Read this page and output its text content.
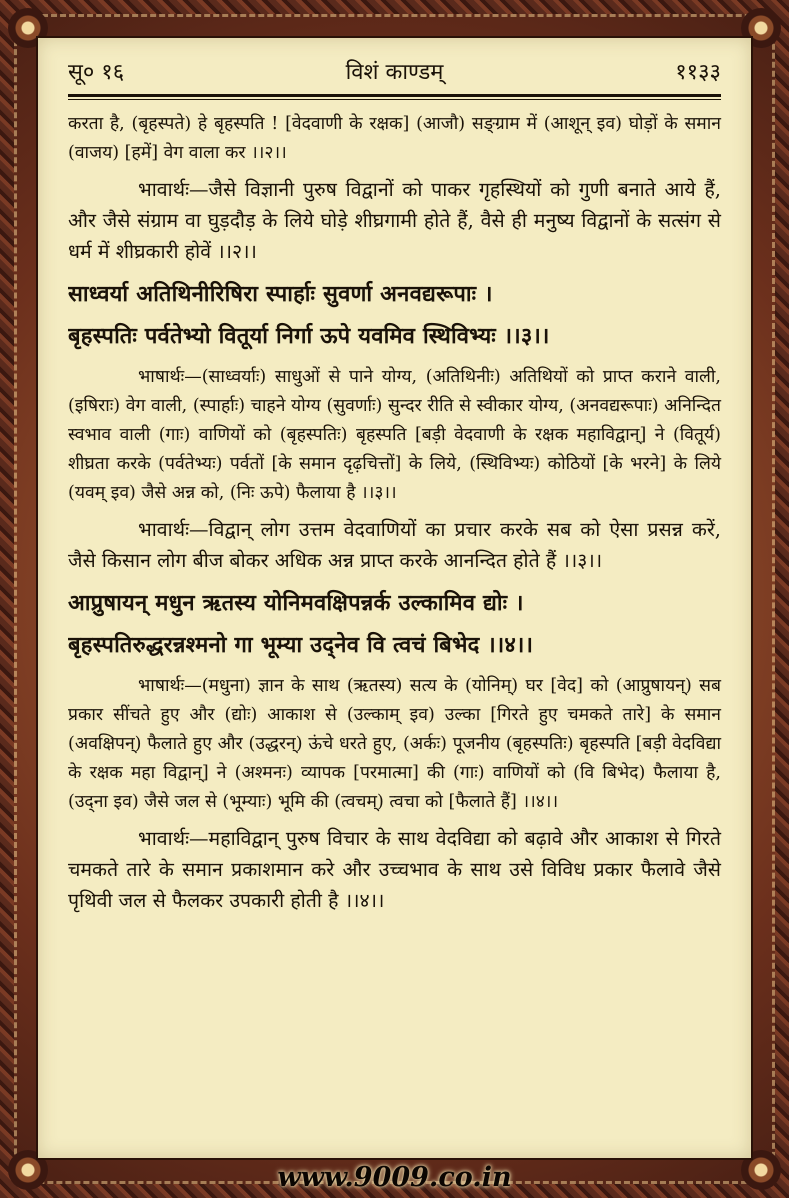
सू० १६	विशं काण्डम्	११३३

करता है, (बृहस्पते) हे बृहस्पति ! [वेदवाणी के रक्षक] (आजौ) सङ्ग्राम में (आशून् इव) घोड़ों के समान (वाजय) [हमें] वेग वाला कर ।।२।।

भावार्थः—जैसे विज्ञानी पुरुष विद्वानों को पाकर गृहस्थियों को गुणी बनाते आये हैं, और जैसे संग्राम वा घुड़दौड़ के लिये घोड़े शीघ्रगामी होते हैं, वैसे ही मनुष्य विद्वानों के सत्संग से धर्म में शीघ्रकारी होवें ।।२।।

साध्वर्या अतिथिनीरिषिरा स्पार्हाः सुवर्णा अनवद्यरूपाः ।

बृहस्पतिः पर्वतेभ्यो वितूर्या निर्गा ऊपे यवमिव स्थिविभ्यः ।।३।।

भाषार्थः—(साध्वर्याः) साधुओं से पाने योग्य, (अतिथिनीः) अतिथियों को प्राप्त कराने वाली, (इषिराः) वेग वाली, (स्पार्हाः) चाहने योग्य (सुवर्णाः) सुन्दर रीति से स्वीकार योग्य, (अनवद्यरूपाः) अनिन्दित स्वभाव वाली (गाः) वाणियों को (बृहस्पतिः) बृहस्पति [बड़ी वेदवाणी के रक्षक महाविद्वान्] ने (वितूर्य) शीघ्रता करके (पर्वतेभ्यः) पर्वतों [के समान दृढ़चित्तों] के लिये, (स्थिविभ्यः) कोठियों [के भरने] के लिये (यवम् इव) जैसे अन्न को, (निः ऊपे) फैलाया है ।।३।।

भावार्थः—विद्वान् लोग उत्तम वेदवाणियों का प्रचार करके सब को ऐसा प्रसन्न करें, जैसे किसान लोग बीज बोकर अधिक अन्न प्राप्त करके आनन्दित होते हैं ।।३।।

आप्रुषायन् मधुन ऋतस्य योनिमवक्षिपन्नर्क उल्कामिव द्योः ।

बृहस्पतिरुद्धरन्नश्मनो गा भूम्या उद्नेव वि त्वचं बिभेद ।।४।।

भाषार्थः—(मधुना) ज्ञान के साथ (ऋतस्य) सत्य के (योनिम्) घर [वेद] को (आप्रुषायन्) सब प्रकार सींचते हुए और (द्योः) आकाश से (उल्काम् इव) उल्का [गिरते हुए चमकते तारे] के समान (अवक्षिपन्) फैलाते हुए और (उद्धरन्) ऊंचे धरते हुए, (अर्कः) पूजनीय (बृहस्पतिः) बृहस्पति [बड़ी वेदविद्या के रक्षक महा विद्वान्] ने (अश्मनः) व्यापक [परमात्मा] की (गाः) वाणियों को (वि बिभेद) फैलाया है, (उद्ना इव) जैसे जल से (भूम्याः) भूमि की (त्वचम्) त्वचा को [फैलाते हैं] ।।४।।

भावार्थः—महाविद्वान् पुरुष विचार के साथ वेदविद्या को बढ़ावे और आकाश से गिरते चमकते तारे के समान प्रकाशमान करे और उच्चभाव के साथ उसे विविध प्रकार फैलावे जैसे पृथिवी जल से फैलकर उपकारी होती है ।।४।।

www.9009.co.in
